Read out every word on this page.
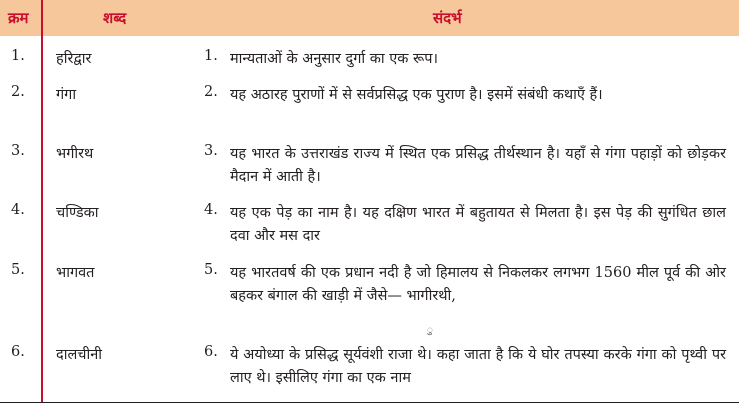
क्रम	शब्द	संदर्भ
1. हरिद्वार	1. मान्यताओं के अनुसार दुर्गा का एक रूप।
2. गंगा	2. यह अठारह पुराणों में से सर्वप्रसिद्ध एक पुराण है। इसमें संबंधी कथाएँ हैं।
3. भगीरथ	3. यह भारत के उत्तराखंड राज्य में स्थित एक प्रसिद्ध तीर्थस्थान है। यहाँ से गंगा पहाड़ों को छोड़कर मैदान में आती है।
4. चण्डिका	4. यह एक पेड़ का नाम है। यह दक्षिण भारत में बहुतायत से मिलता है। इस पेड़ की सुगंधित छाल दवा और मस दार
5. भागवत	5. यह भारतवर्ष की एक प्रधान नदी है जो हिमालय से निकलकर लगभग 1560 मील पूर्व की ओर बहकर बंगाल की खाड़ी में जैसे— भागीरथी,
ु
6. दालचीनी	6. ये अयोध्या के प्रसिद्ध सूर्यवंशी राजा थे। कहा जाता है कि ये घोर तपस्या करके गंगा को पृथ्वी पर लाए थे। इसीलिए गंगा का एक नाम
